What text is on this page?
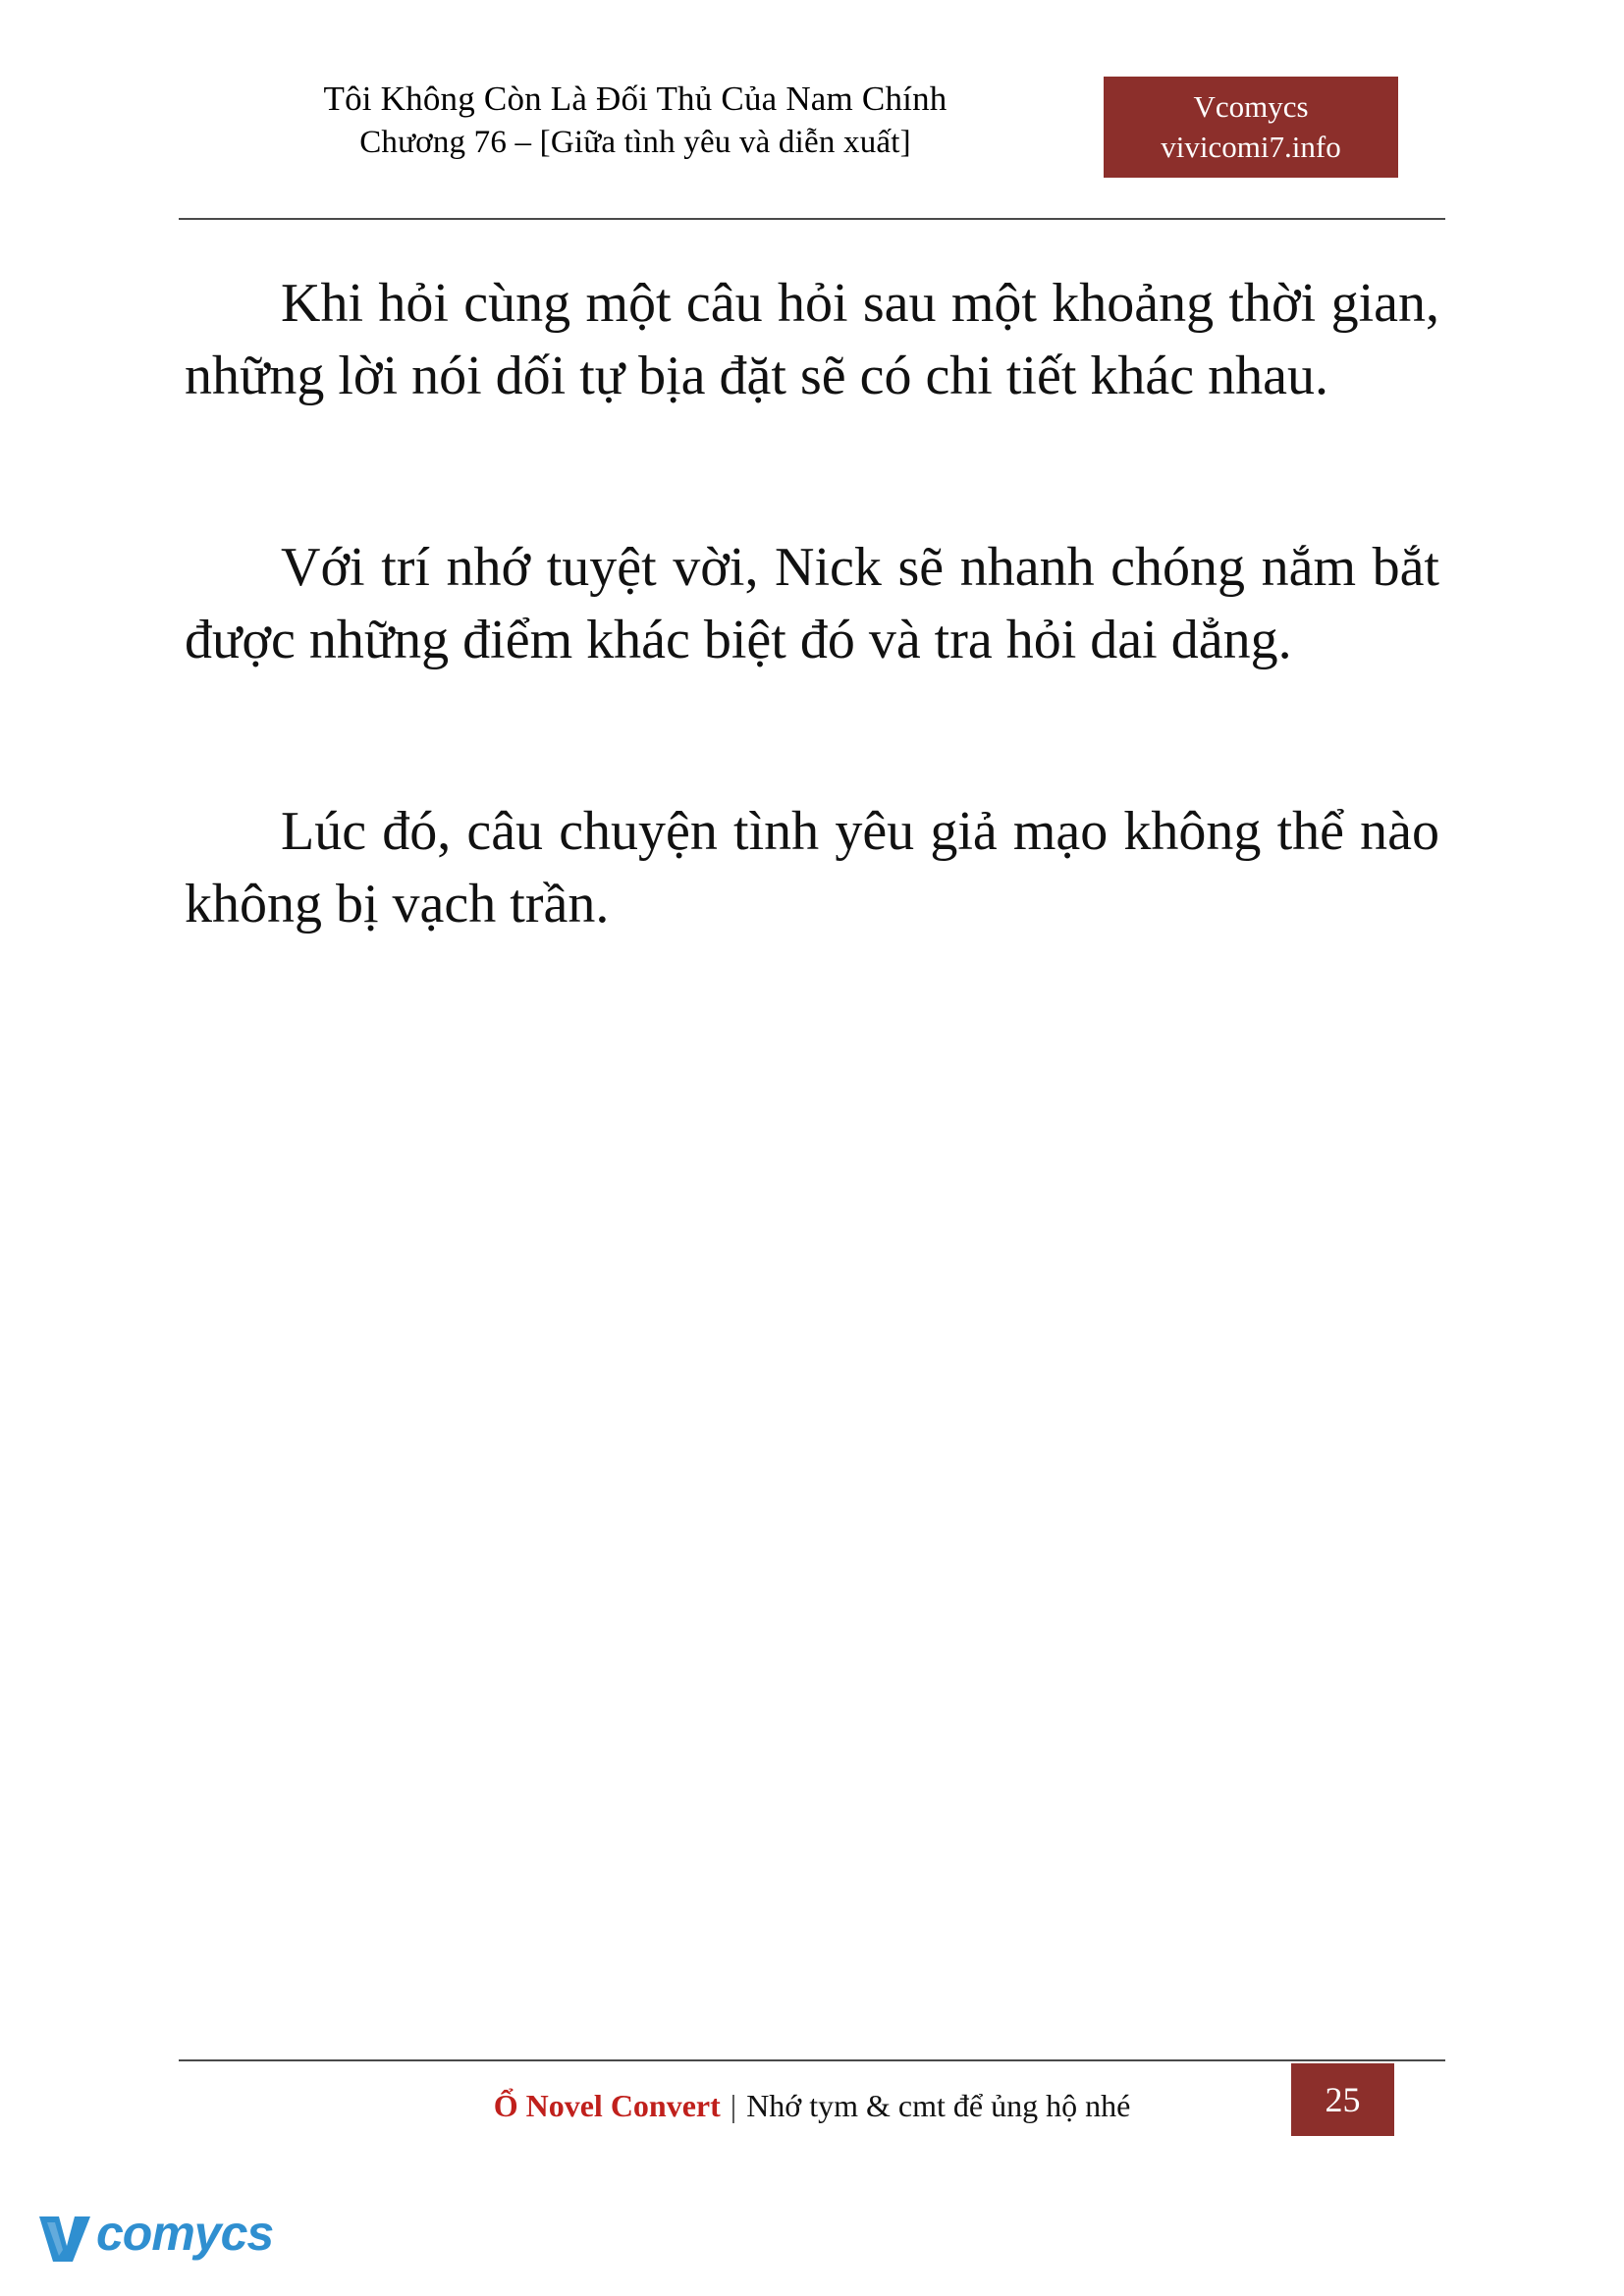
Tôi Không Còn Là Đối Thủ Của Nam Chính
Chương 76 – [Giữa tình yêu và diễn xuất]
Vcomycs
vivicomi7.info

Khi hỏi cùng một câu hỏi sau một khoảng thời gian, những lời nói dối tự bịa đặt sẽ có chi tiết khác nhau.

Với trí nhớ tuyệt vời, Nick sẽ nhanh chóng nắm bắt được những điểm khác biệt đó và tra hỏi dai dẳng.

Lúc đó, câu chuyện tình yêu giả mạo không thể nào không bị vạch trần.

Ổ Novel Convert | Nhớ tym & cmt để ủng hộ nhé	25
comycs
